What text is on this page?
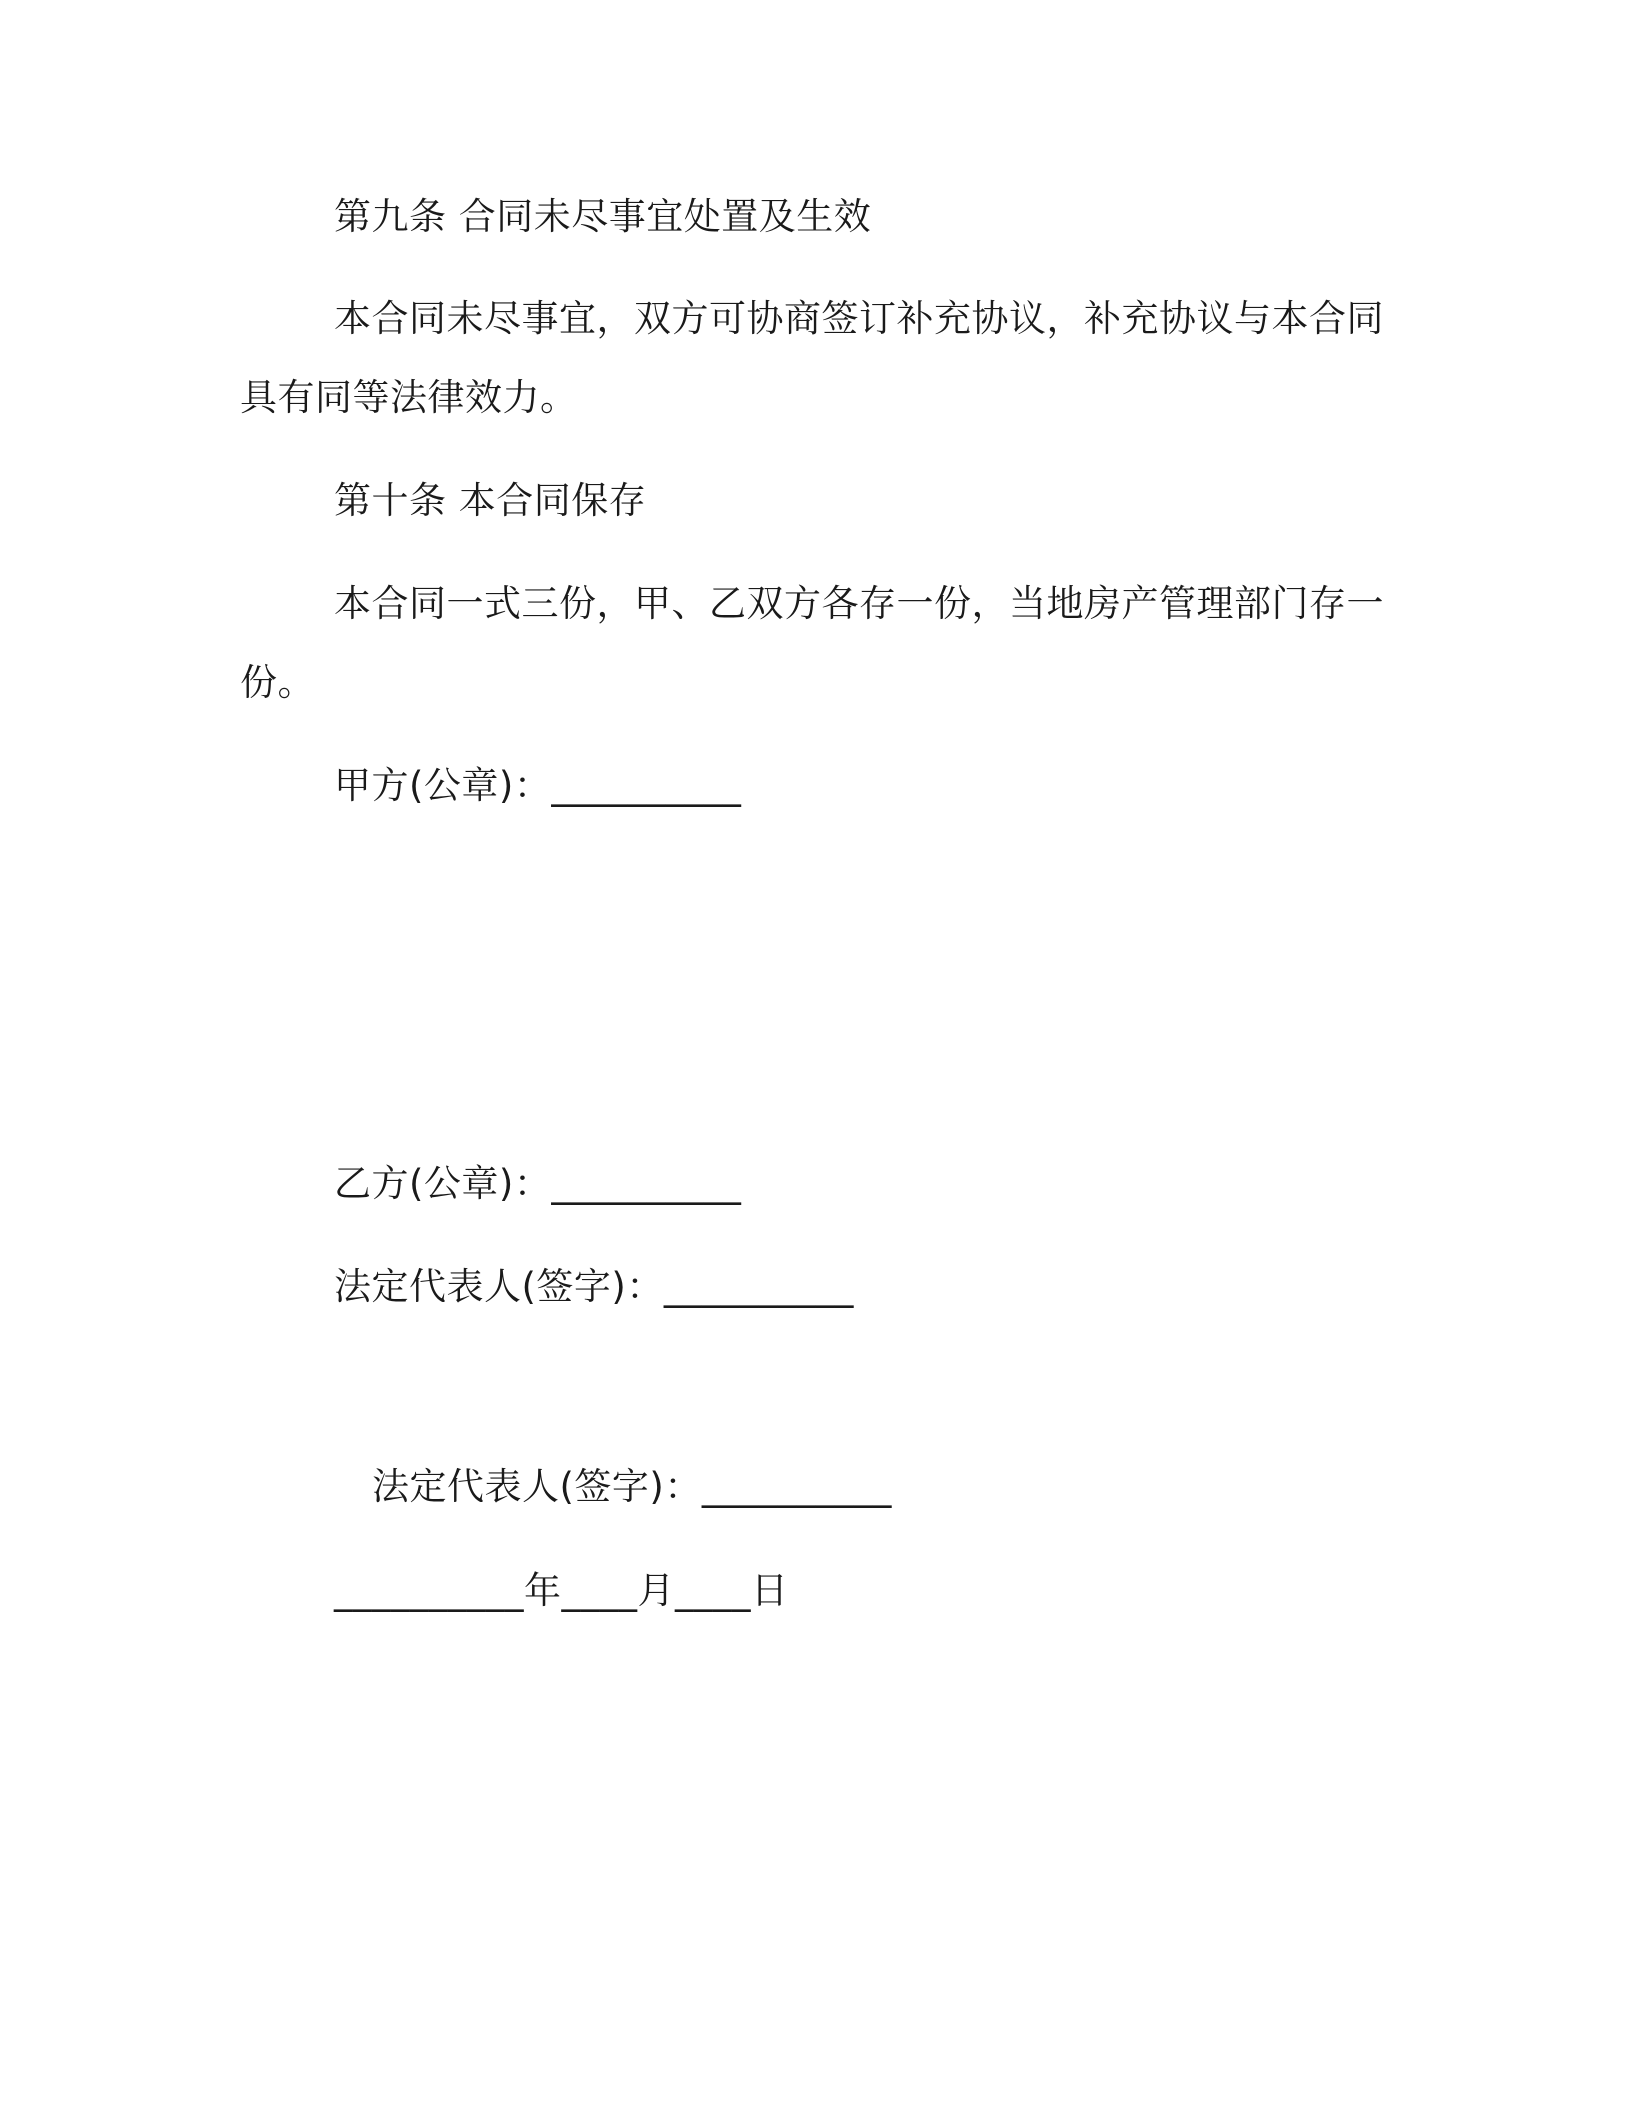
第九条 合同未尽事宜处置及生效
本合同未尽事宜，双方可协商签订补充协议，补充协议与本合同
具有同等法律效力。
第十条 本合同保存
本合同一式三份，甲、乙双方各存一份，当地房产管理部门存一
份。
甲方(公章)：__________
乙方(公章)：__________
法定代表人(签字)：__________
法定代表人(签字)：__________
__________年____月____日
